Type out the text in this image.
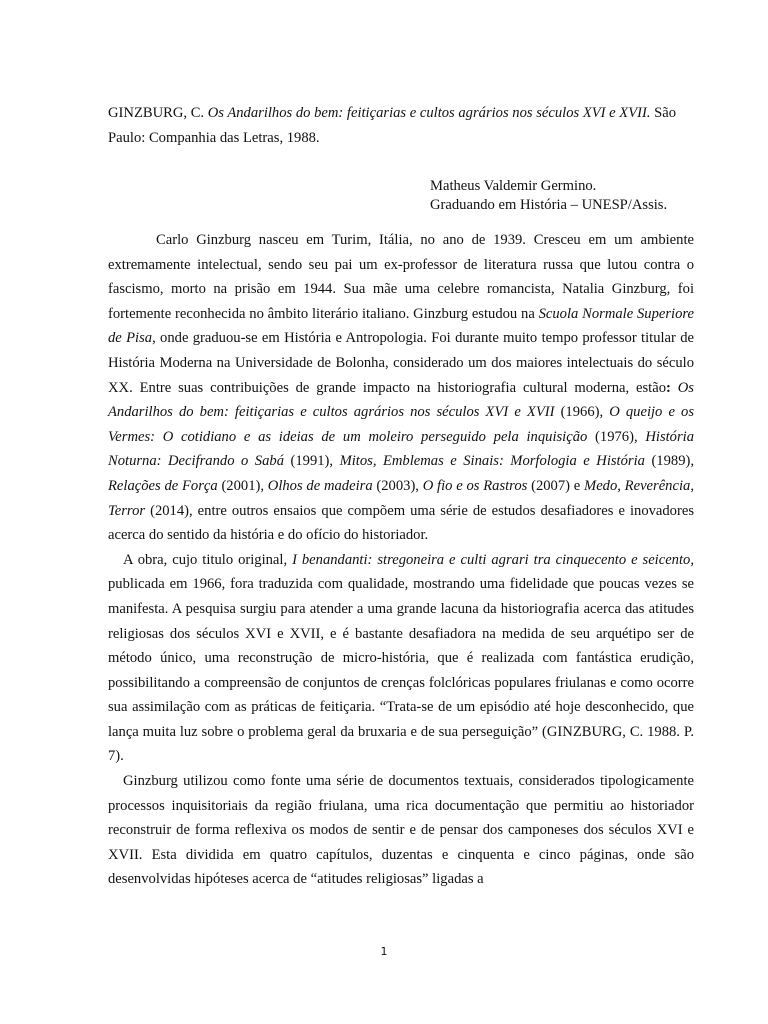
GINZBURG, C. Os Andarilhos do bem: feitiçarias e cultos agrários nos séculos XVI e XVII. São Paulo: Companhia das Letras, 1988.

Matheus Valdemir Germino.
Graduando em História – UNESP/Assis.

Carlo Ginzburg nasceu em Turim, Itália, no ano de 1939. Cresceu em um ambiente extremamente intelectual, sendo seu pai um ex-professor de literatura russa que lutou contra o fascismo, morto na prisão em 1944. Sua mãe uma celebre romancista, Natalia Ginzburg, foi fortemente reconhecida no âmbito literário italiano. Ginzburg estudou na Scuola Normale Superiore de Pisa, onde graduou-se em História e Antropologia. Foi durante muito tempo professor titular de História Moderna na Universidade de Bolonha, considerado um dos maiores intelectuais do século XX. Entre suas contribuições de grande impacto na historiografia cultural moderna, estão: Os Andarilhos do bem: feitiçarias e cultos agrários nos séculos XVI e XVII (1966), O queijo e os Vermes: O cotidiano e as ideias de um moleiro perseguido pela inquisição (1976), História Noturna: Decifrando o Sabá (1991), Mitos, Emblemas e Sinais: Morfologia e História (1989), Relações de Força (2001), Olhos de madeira (2003), O fio e os Rastros (2007) e Medo, Reverência, Terror (2014), entre outros ensaios que compõem uma série de estudos desafiadores e inovadores acerca do sentido da história e do ofício do historiador.

A obra, cujo titulo original, I benandanti: stregoneira e culti agrari tra cinquecento e seicento, publicada em 1966, fora traduzida com qualidade, mostrando uma fidelidade que poucas vezes se manifesta. A pesquisa surgiu para atender a uma grande lacuna da historiografia acerca das atitudes religiosas dos séculos XVI e XVII, e é bastante desafiadora na medida de seu arquétipo ser de método único, uma reconstrução de micro-história, que é realizada com fantástica erudição, possibilitando a compreensão de conjuntos de crenças folclóricas populares friulanas e como ocorre sua assimilação com as práticas de feitiçaria. “Trata-se de um episódio até hoje desconhecido, que lança muita luz sobre o problema geral da bruxaria e de sua perseguição” (GINZBURG, C. 1988. P. 7).

Ginzburg utilizou como fonte uma série de documentos textuais, considerados tipologicamente processos inquisitoriais da região friulana, uma rica documentação que permitiu ao historiador reconstruir de forma reflexiva os modos de sentir e de pensar dos camponeses dos séculos XVI e XVII. Esta dividida em quatro capítulos, duzentas e cinquenta e cinco páginas, onde são desenvolvidas hipóteses acerca de “atitudes religiosas” ligadas a

1
